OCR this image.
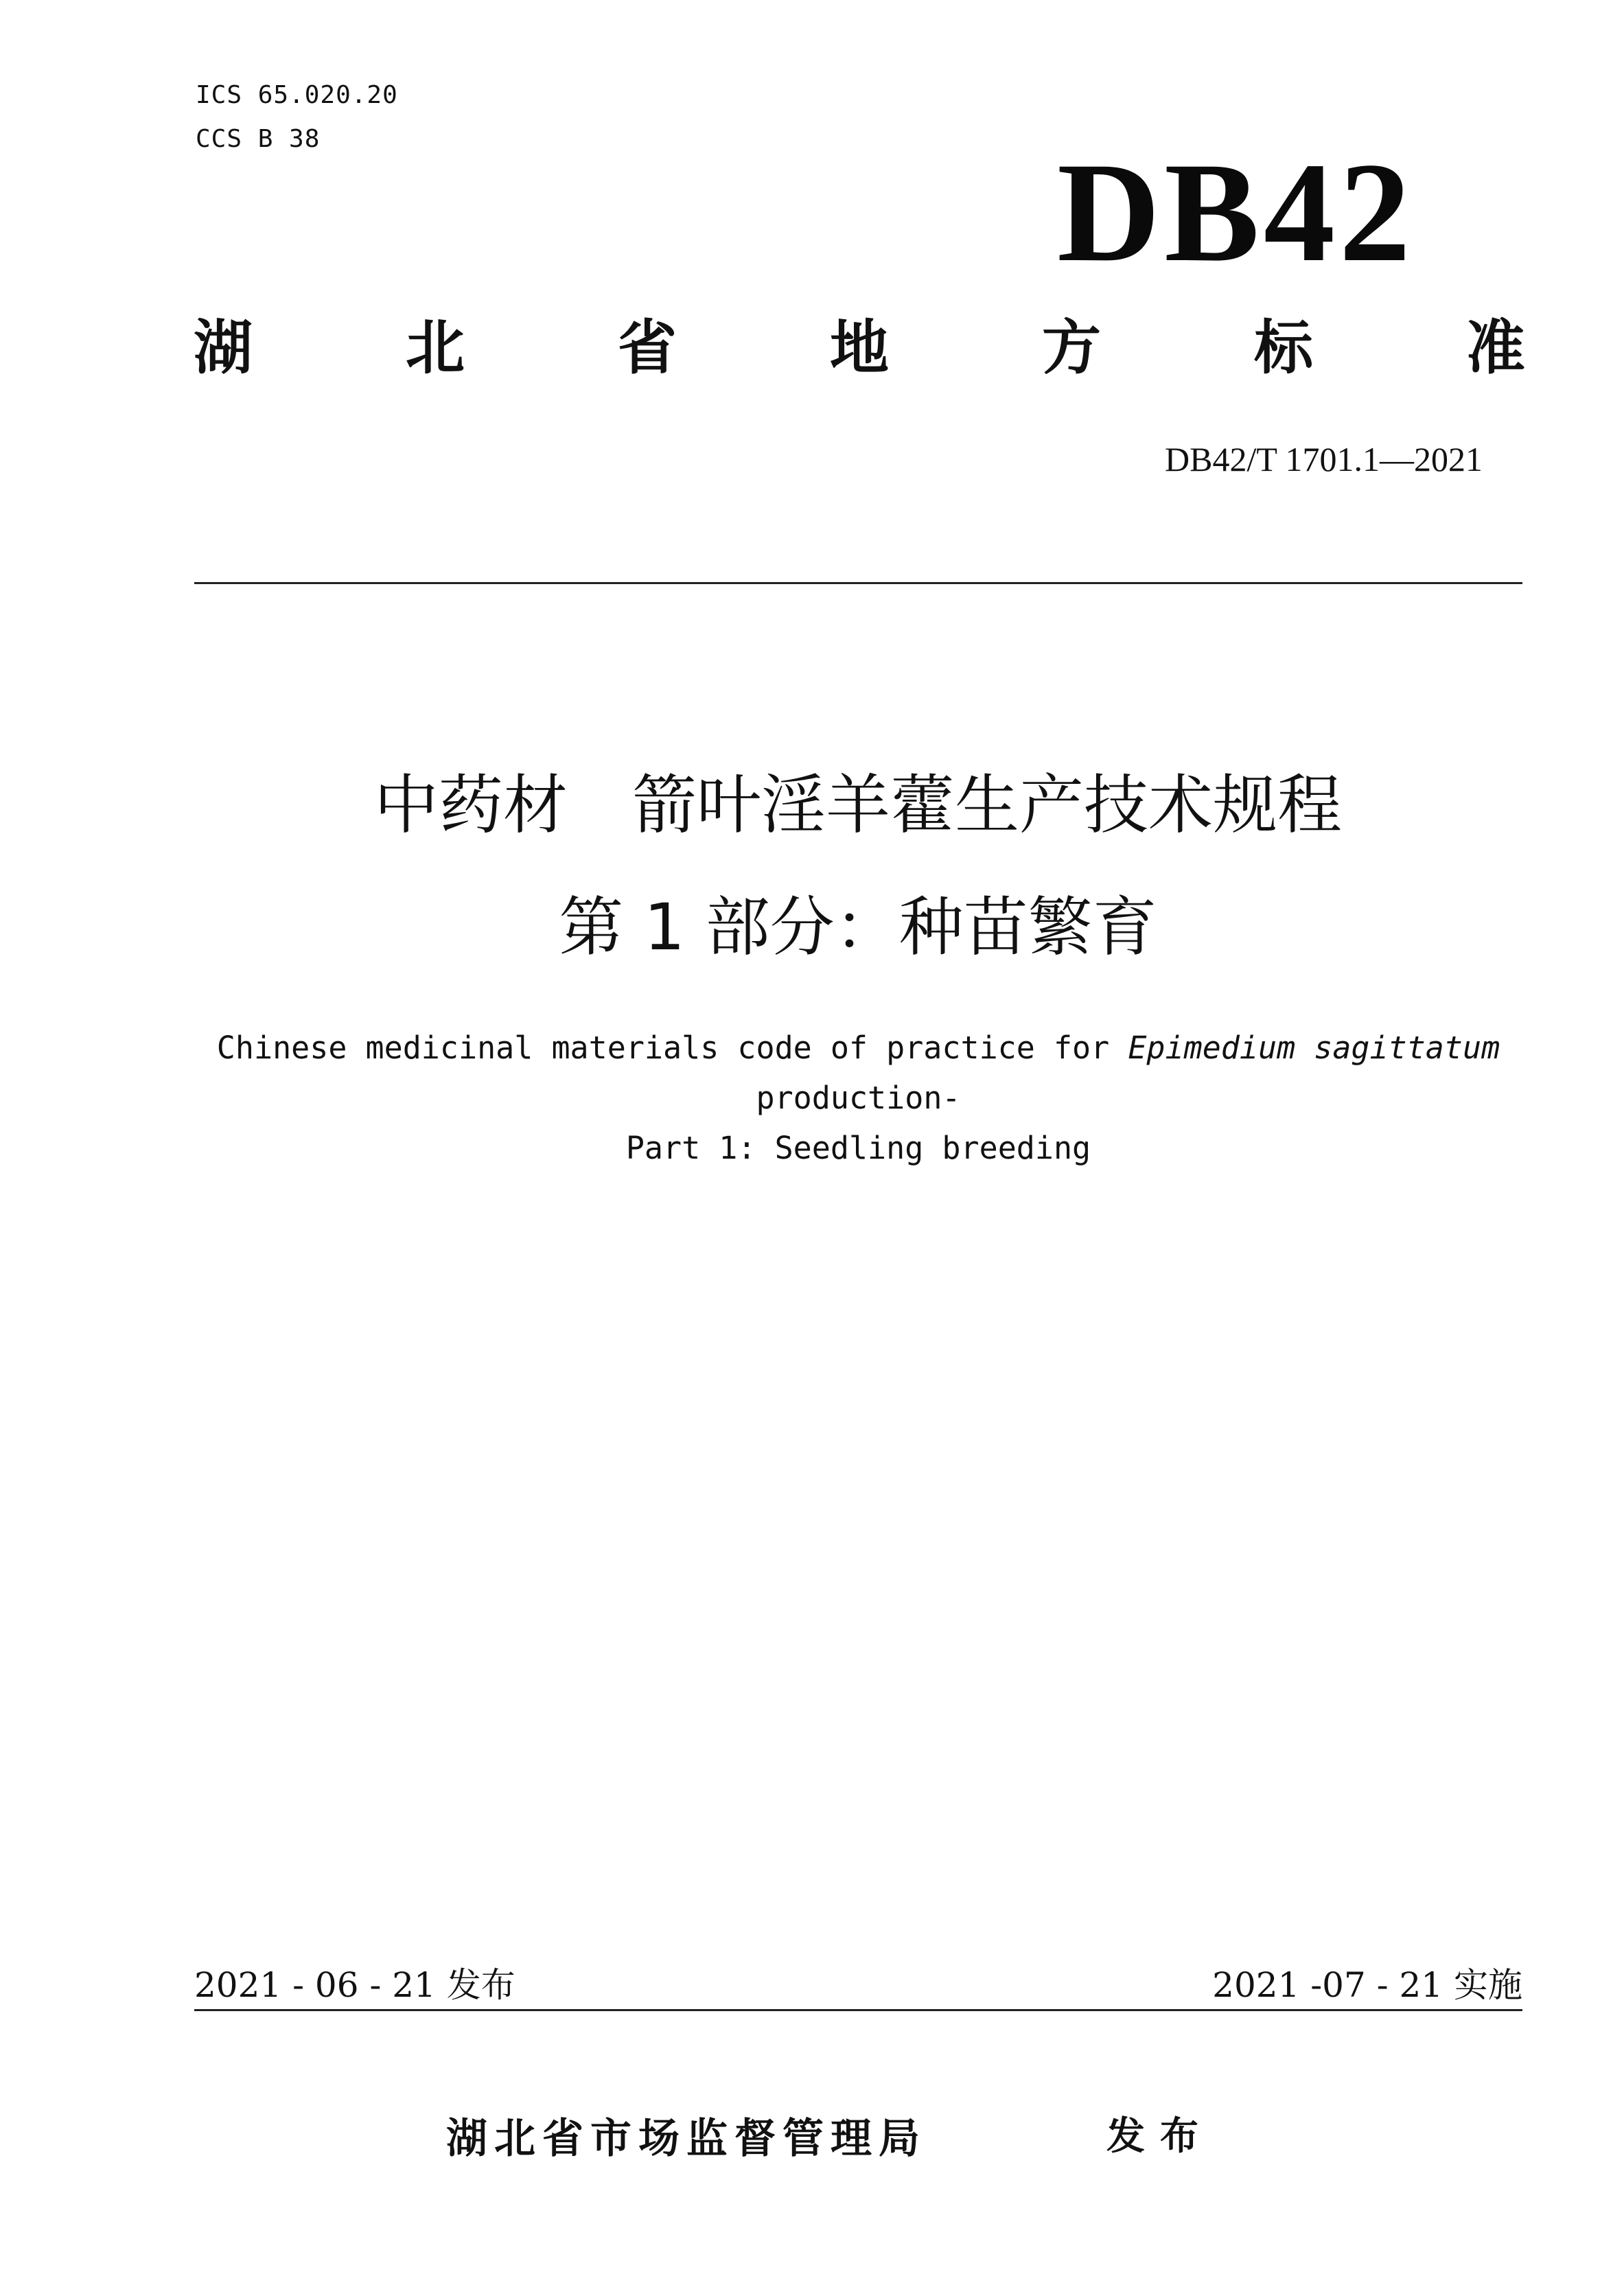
ICS 65.020.20
CCS B 38	DB42
湖	北	省	地	方	标	准
DB42/T 1701.1—2021
中药材　箭叶淫羊藿生产技术规程
第 1 部分：种苗繁育
Chinese medicinal materials code of practice for Epimedium sagittatum
production-
Part 1: Seedling breeding
2021 - 06 - 21 发布	2021 -07 - 21 实施
湖北省市场监督管理局	发布
